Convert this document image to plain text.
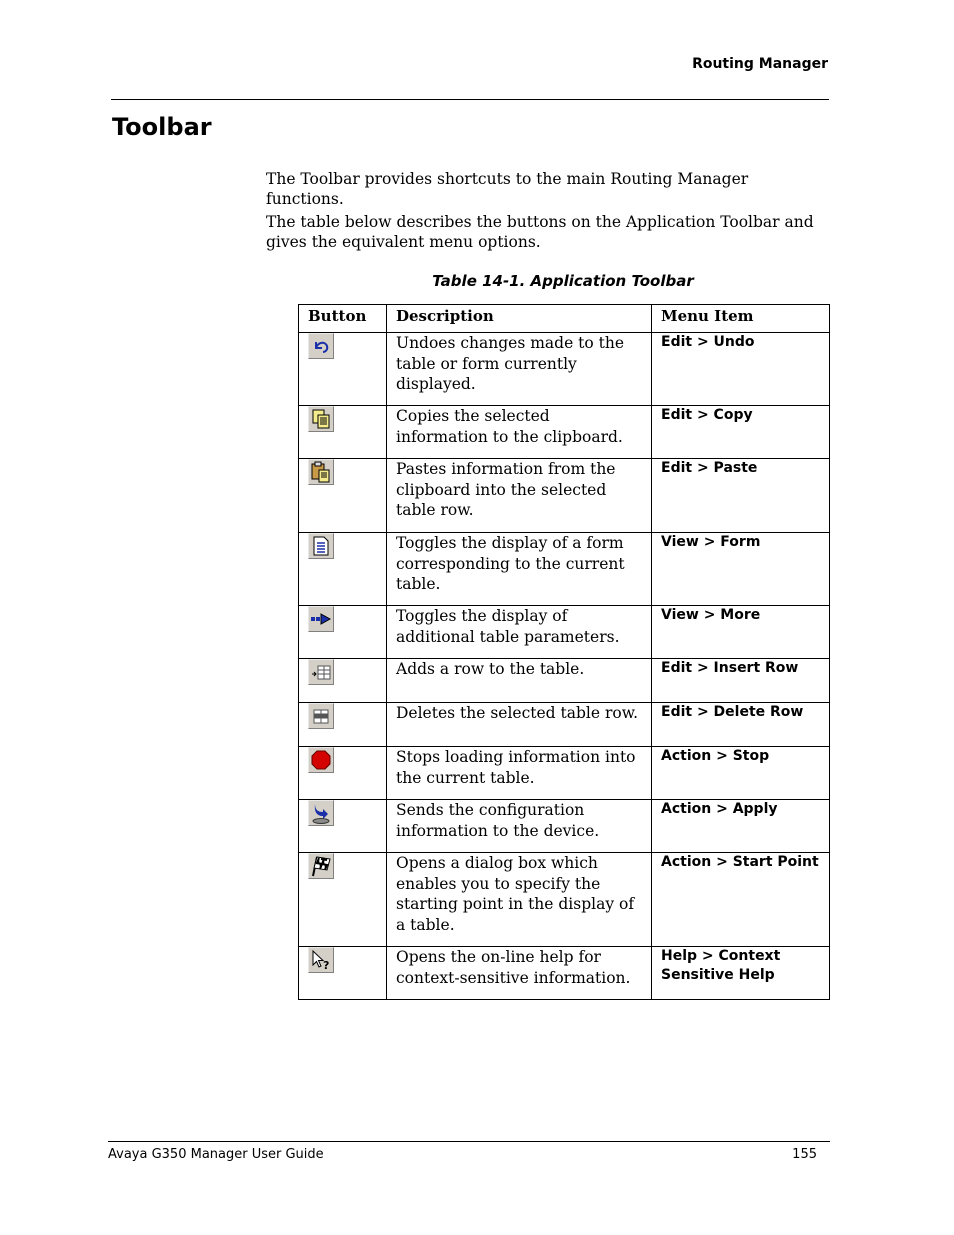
Routing Manager
Toolbar

The Toolbar provides shortcuts to the main Routing Manager functions.

The table below describes the buttons on the Application Toolbar and gives the equivalent menu options.

Table 14-1. Application Toolbar
Button	Description	Menu Item

	Undoes changes made to the table or form currently displayed.	Edit > Undo

	Copies the selected information to the clipboard.	Edit > Copy

	Pastes information from the clipboard into the selected table row.	Edit > Paste

	Toggles the display of a form corresponding to the current table.	View > Form

	Toggles the display of additional table parameters.	View > More

	Adds a row to the table.	Edit > Insert Row

	Deletes the selected table row.	Edit > Delete Row

	Stops loading information into the current table.	Action > Stop

	Sends the configuration information to the device.	Action > Apply

	Opens a dialog box which enables you to specify the starting point in the display of a table.	Action > Start Point

?	Opens the on-line help for context-sensitive information.	Help > Context Sensitive Help
Avaya G350 Manager User Guide	155
